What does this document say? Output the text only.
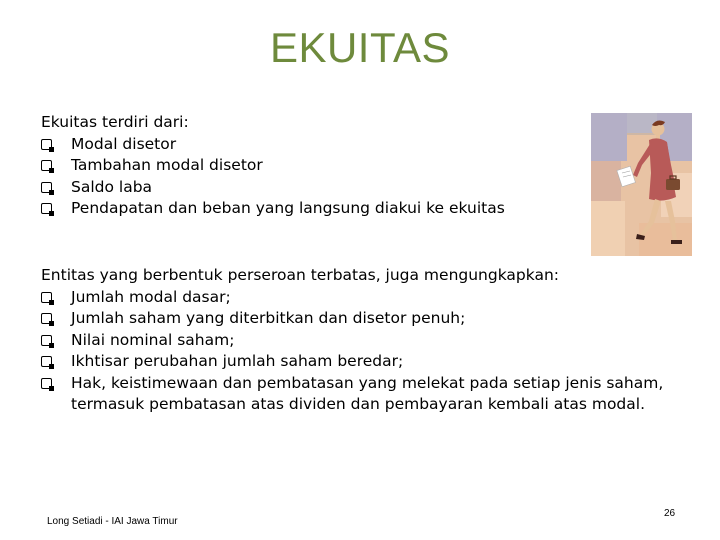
EKUITAS
Ekuitas terdiri dari:
Modal disetor
Tambahan modal disetor
Saldo laba
Pendapatan dan beban yang langsung diakui ke ekuitas
Entitas yang berbentuk perseroan terbatas, juga mengungkapkan:
Jumlah modal dasar;
Jumlah saham yang diterbitkan dan disetor penuh;
Nilai nominal saham;
Ikhtisar perubahan jumlah saham beredar;
Hak, keistimewaan dan pembatasan yang melekat pada setiap jenis saham, termasuk pembatasan atas dividen dan pembayaran kembali atas modal.
Long Setiadi - IAI Jawa Timur
26
